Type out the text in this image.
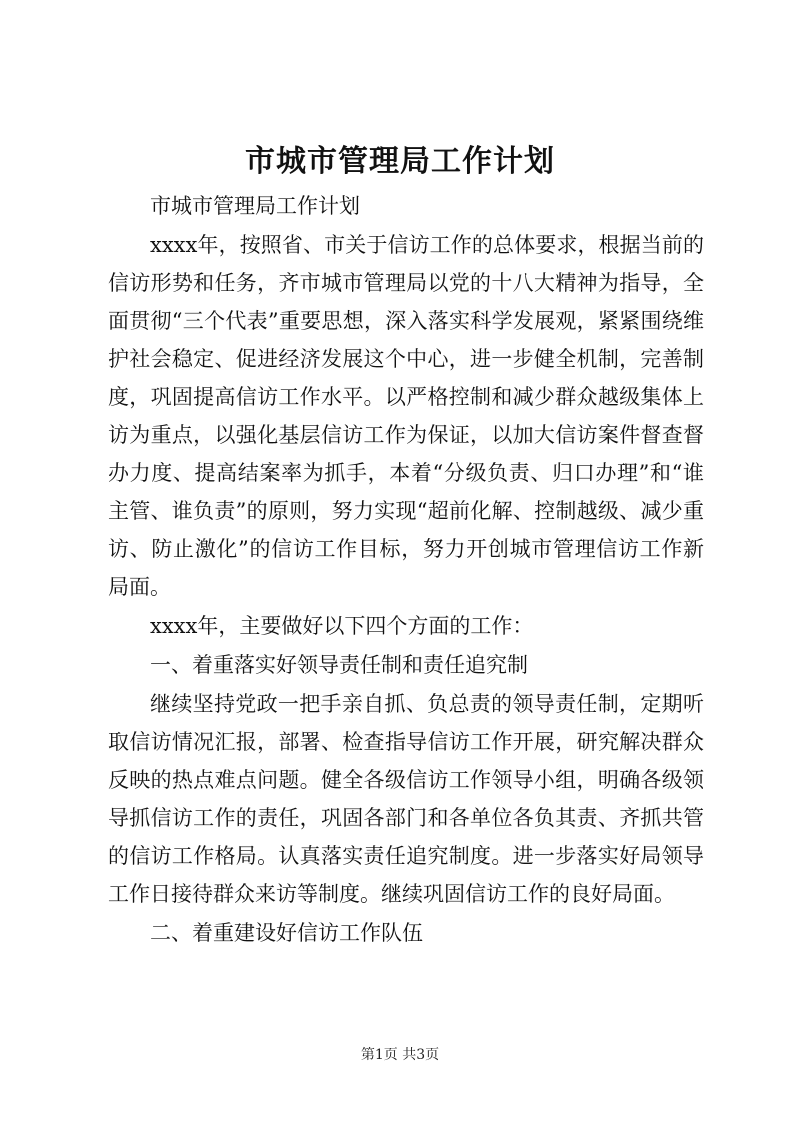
市城市管理局工作计划

市城市管理局工作计划

xxxx年，按照省、市关于信访工作的总体要求，根据当前的信访形势和任务，齐市城市管理局以党的十八大精神为指导，全面贯彻“三个代表”重要思想，深入落实科学发展观，紧紧围绕维护社会稳定、促进经济发展这个中心，进一步健全机制，完善制度，巩固提高信访工作水平。以严格控制和减少群众越级集体上访为重点，以强化基层信访工作为保证，以加大信访案件督查督办力度、提高结案率为抓手，本着“分级负责、归口办理”和“谁主管、谁负责”的原则，努力实现“超前化解、控制越级、减少重访、防止激化”的信访工作目标，努力开创城市管理信访工作新局面。

xxxx年，主要做好以下四个方面的工作：

一、着重落实好领导责任制和责任追究制

继续坚持党政一把手亲自抓、负总责的领导责任制，定期听取信访情况汇报，部署、检查指导信访工作开展，研究解决群众反映的热点难点问题。健全各级信访工作领导小组，明确各级领导抓信访工作的责任，巩固各部门和各单位各负其责、齐抓共管的信访工作格局。认真落实责任追究制度。进一步落实好局领导工作日接待群众来访等制度。继续巩固信访工作的良好局面。

二、着重建设好信访工作队伍

第1页 共3页
